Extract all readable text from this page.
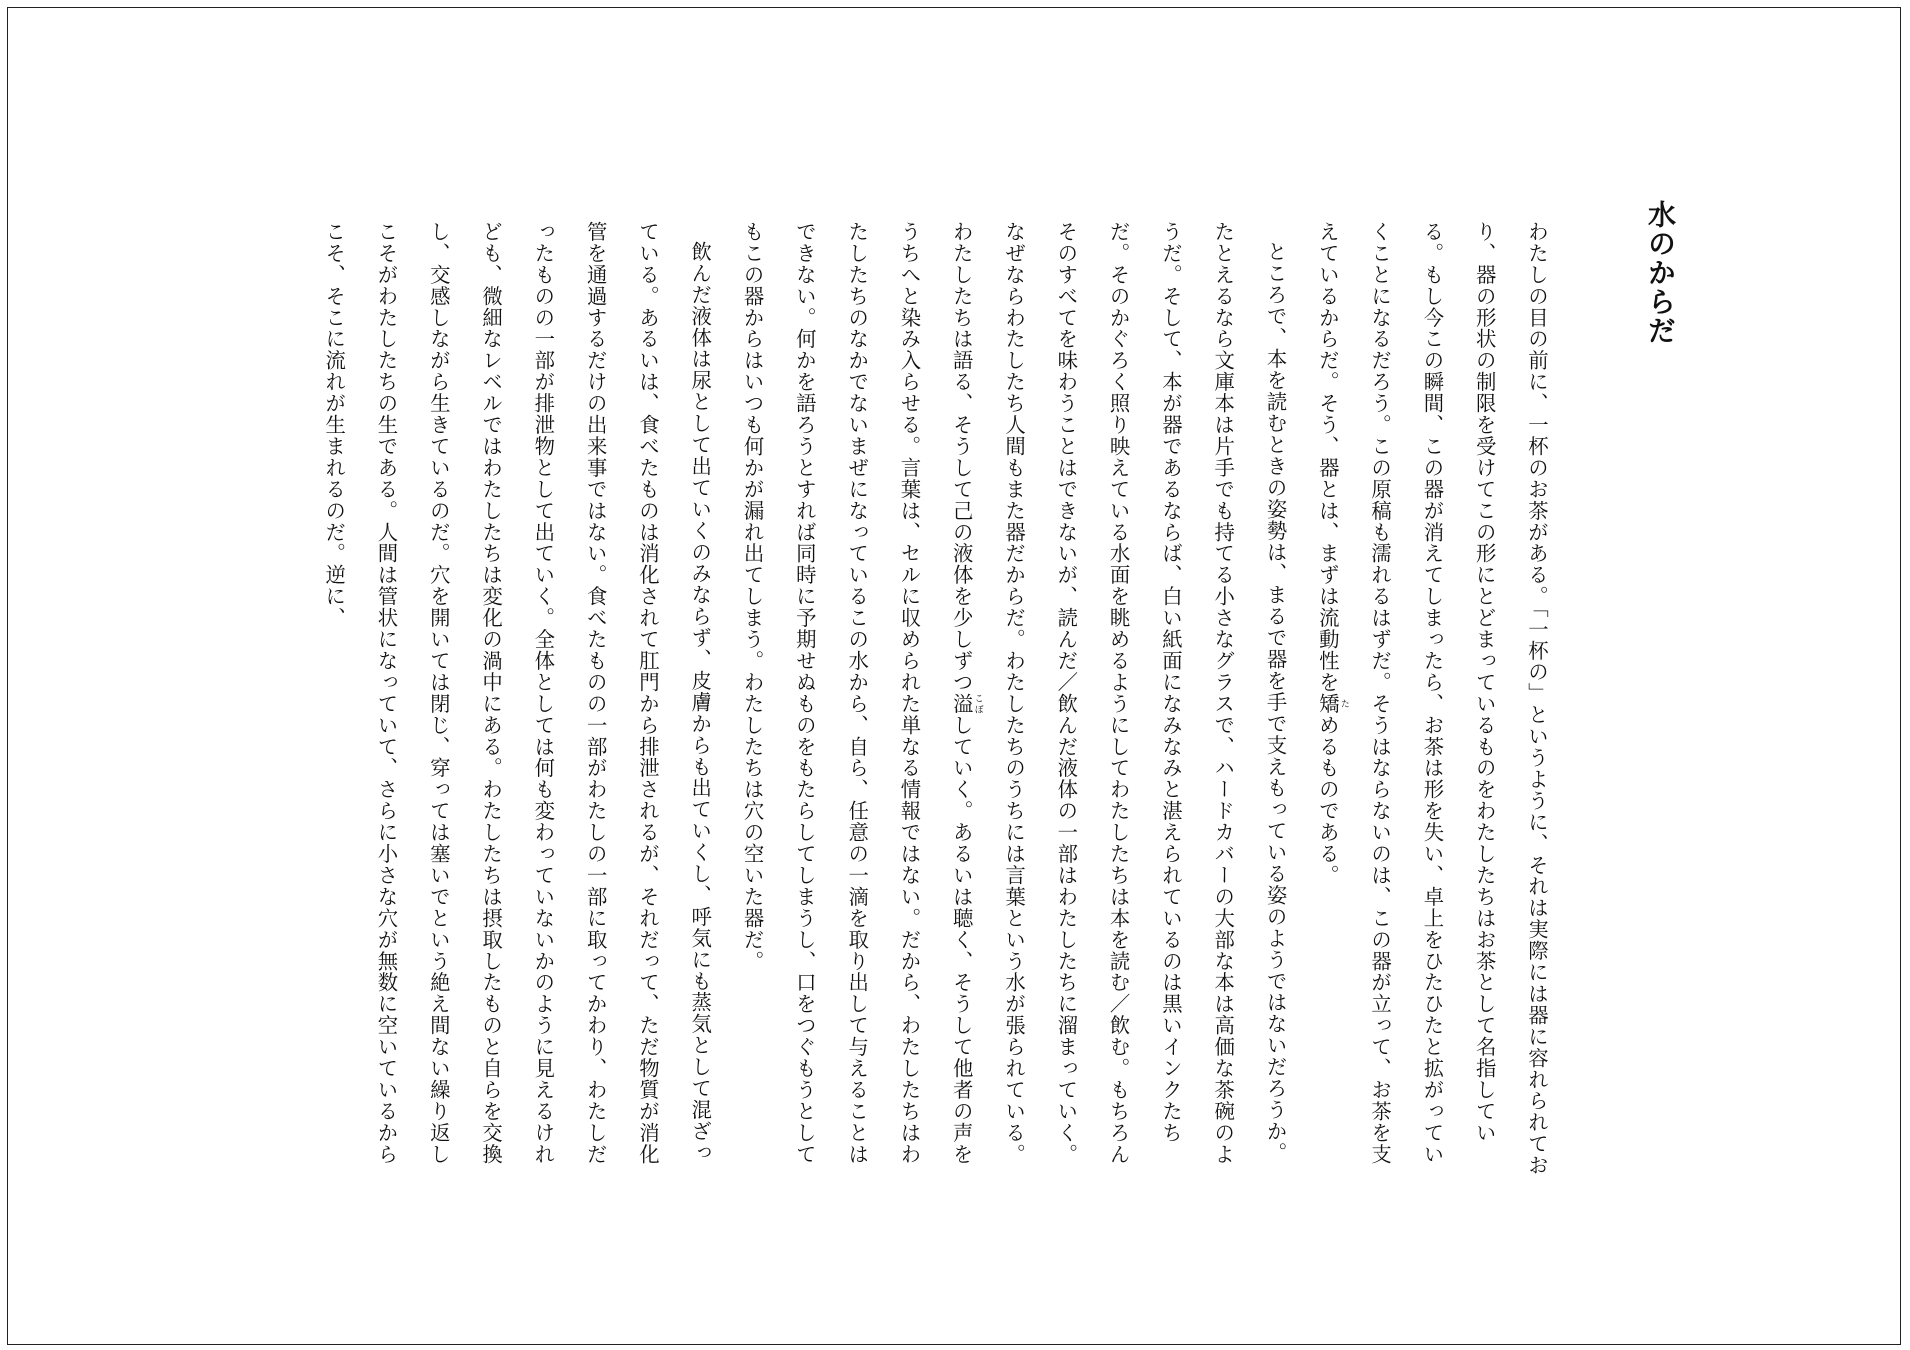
水のからだ

わたしの目の前に、一杯のお茶がある。「一杯の」というように、それは実際には器に容れられており、器の形状の制限を受けてこの形にとどまっているものをわたしたちはお茶として名指している。もし今この瞬間、この器が消えてしまったら、お茶は形を失い、卓上をひたひたと拡がっていくことになるだろう。この原稿も濡れるはずだ。そうはならないのは、この器が立って、お茶を支えているからだ。そう、器とは、まずは流動性を矯 ためるものである。

ところで、本を読むときの姿勢は、まるで器を手で支えもっている姿のようではないだろうか。たとえるなら文庫本は片手でも持てる小さなグラスで、ハードカバーの大部な本は高価な茶碗のようだ。そして、本が器であるならば、白い紙面になみなみと湛えられているのは黒いインクたちだ。そのかぐろく照り映えている水面を眺めるようにしてわたしたちは本を読む／飲む。もちろんそのすべてを味わうことはできないが、読んだ／飲んだ液体の一部はわたしたちに溜まっていく。なぜならわたしたち人間もまた器だからだ。わたしたちのうちには言葉という水が張られている。わたしたちは語る、そうして己の液体を少しずつ溢 こぼしていく。あるいは聴く、そうして他者の声をうちへと染み入らせる。言葉は、セルに収められた単なる情報ではない。だから、わたしたちはわたしたちのなかでないまぜになっているこの水から、自ら、任意の一滴を取り出して与えることはできない。何かを語ろうとすれば同時に予期せぬものをもたらしてしまうし、口をつぐもうとしてもこの器からはいつも何かが漏れ出てしまう。わたしたちは穴の空いた器だ。

飲んだ液体は尿として出ていくのみならず、皮膚からも出ていくし、呼気にも蒸気として混ざっている。あるいは、食べたものは消化されて肛門から排泄されるが、それだって、ただ物質が消化管を通過するだけの出来事ではない。食べたものの一部がわたしの一部に取ってかわり、わたしだったものの一部が排泄物として出ていく。全体としては何も変わっていないかのように見えるけれども、微細なレベルではわたしたちは変化の渦中にある。わたしたちは摂取したものと自らを交換し、交感しながら生きているのだ。穴を開いては閉じ、穿っては塞いでという絶え間ない繰り返しこそがわたしたちの生である。人間は管状になっていて、さらに小さな穴が無数に空いているからこそ、そこに流れが生まれるのだ。逆に、
